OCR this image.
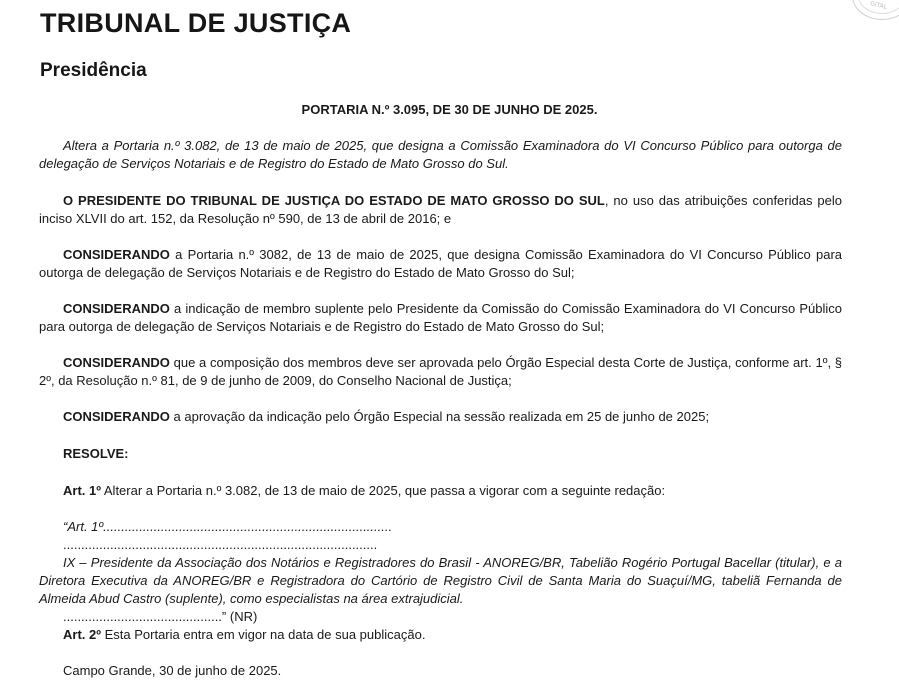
GITAL
TRIBUNAL DE JUSTIÇA
Presidência
PORTARIA N.º 3.095, DE 30 DE JUNHO DE 2025.
Altera a Portaria n.º 3.082, de 13 de maio de 2025, que designa a Comissão Examinadora do VI Concurso Público para outorga de delegação de Serviços Notariais e de Registro do Estado de Mato Grosso do Sul.
O PRESIDENTE DO TRIBUNAL DE JUSTIÇA DO ESTADO DE MATO GROSSO DO SUL, no uso das atribuições conferidas pelo inciso XLVII do art. 152, da Resolução nº 590, de 13 de abril de 2016; e
CONSIDERANDO a Portaria n.º 3082, de 13 de maio de 2025, que designa Comissão Examinadora do VI Concurso Público para outorga de delegação de Serviços Notariais e de Registro do Estado de Mato Grosso do Sul;
CONSIDERANDO a indicação de membro suplente pelo Presidente da Comissão do Comissão Examinadora do VI Concurso Público para outorga de delegação de Serviços Notariais e de Registro do Estado de Mato Grosso do Sul;
CONSIDERANDO que a composição dos membros deve ser aprovada pelo Órgão Especial desta Corte de Justiça, conforme art. 1º, § 2º, da Resolução n.º 81, de 9 de junho de 2009, do Conselho Nacional de Justiça;
CONSIDERANDO a aprovação da indicação pelo Órgão Especial na sessão realizada em 25 de junho de 2025;
RESOLVE:
Art. 1º Alterar a Portaria n.º 3.082, de 13 de maio de 2025, que passa a vigorar com a seguinte redação:
“Art. 1º................................................................................
.......................................................................................
IX – Presidente da Associação dos Notários e Registradores do Brasil - ANOREG/BR, Tabelião Rogério Portugal Bacellar (titular), e a Diretora Executiva da ANOREG/BR e Registradora do Cartório de Registro Civil de Santa Maria do Suaçuí/MG, tabeliã Fernanda de Almeida Abud Castro (suplente), como especialistas na área extrajudicial.
............................................” (NR)
Art. 2º Esta Portaria entra em vigor na data de sua publicação.
Campo Grande, 30 de junho de 2025.
